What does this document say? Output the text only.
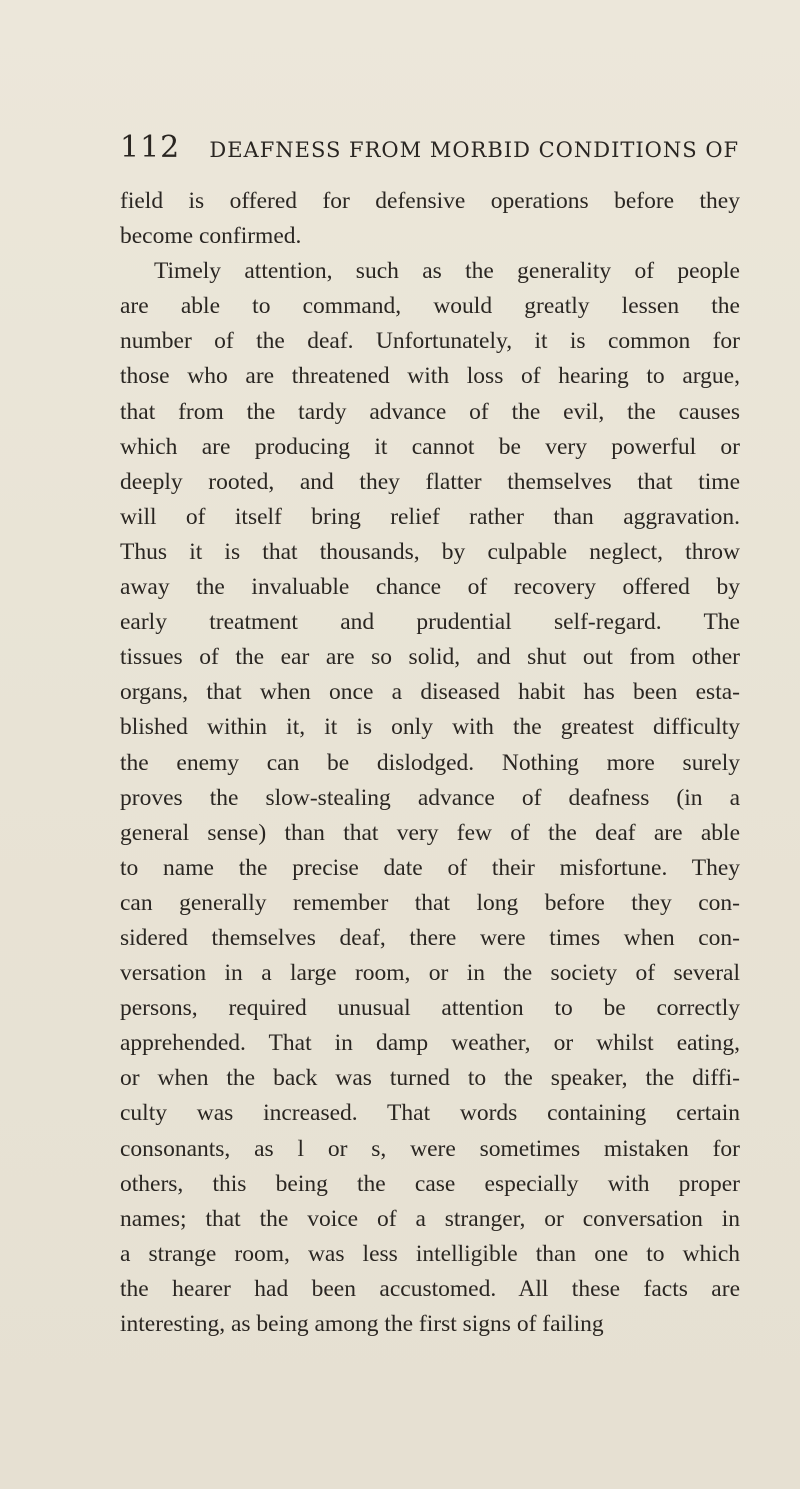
112 DEAFNESS FROM MORBID CONDITIONS OF
field is offered for defensive operations before they
become confirmed.
Timely attention, such as the generality of people
are able to command, would greatly lessen the
number of the deaf. Unfortunately, it is common for
those who are threatened with loss of hearing to argue,
that from the tardy advance of the evil, the causes
which are producing it cannot be very powerful or
deeply rooted, and they flatter themselves that time
will of itself bring relief rather than aggravation.
Thus it is that thousands, by culpable neglect, throw
away the invaluable chance of recovery offered by
early treatment and prudential self-regard. The
tissues of the ear are so solid, and shut out from other
organs, that when once a diseased habit has been esta-
blished within it, it is only with the greatest difficulty
the enemy can be dislodged. Nothing more surely
proves the slow-stealing advance of deafness (in a
general sense) than that very few of the deaf are able
to name the precise date of their misfortune. They
can generally remember that long before they con-
sidered themselves deaf, there were times when con-
versation in a large room, or in the society of several
persons, required unusual attention to be correctly
apprehended. That in damp weather, or whilst eating,
or when the back was turned to the speaker, the diffi-
culty was increased. That words containing certain
consonants, as l or s, were sometimes mistaken for
others, this being the case especially with proper
names; that the voice of a stranger, or conversation in
a strange room, was less intelligible than one to which
the hearer had been accustomed. All these facts are
interesting, as being among the first signs of failing
